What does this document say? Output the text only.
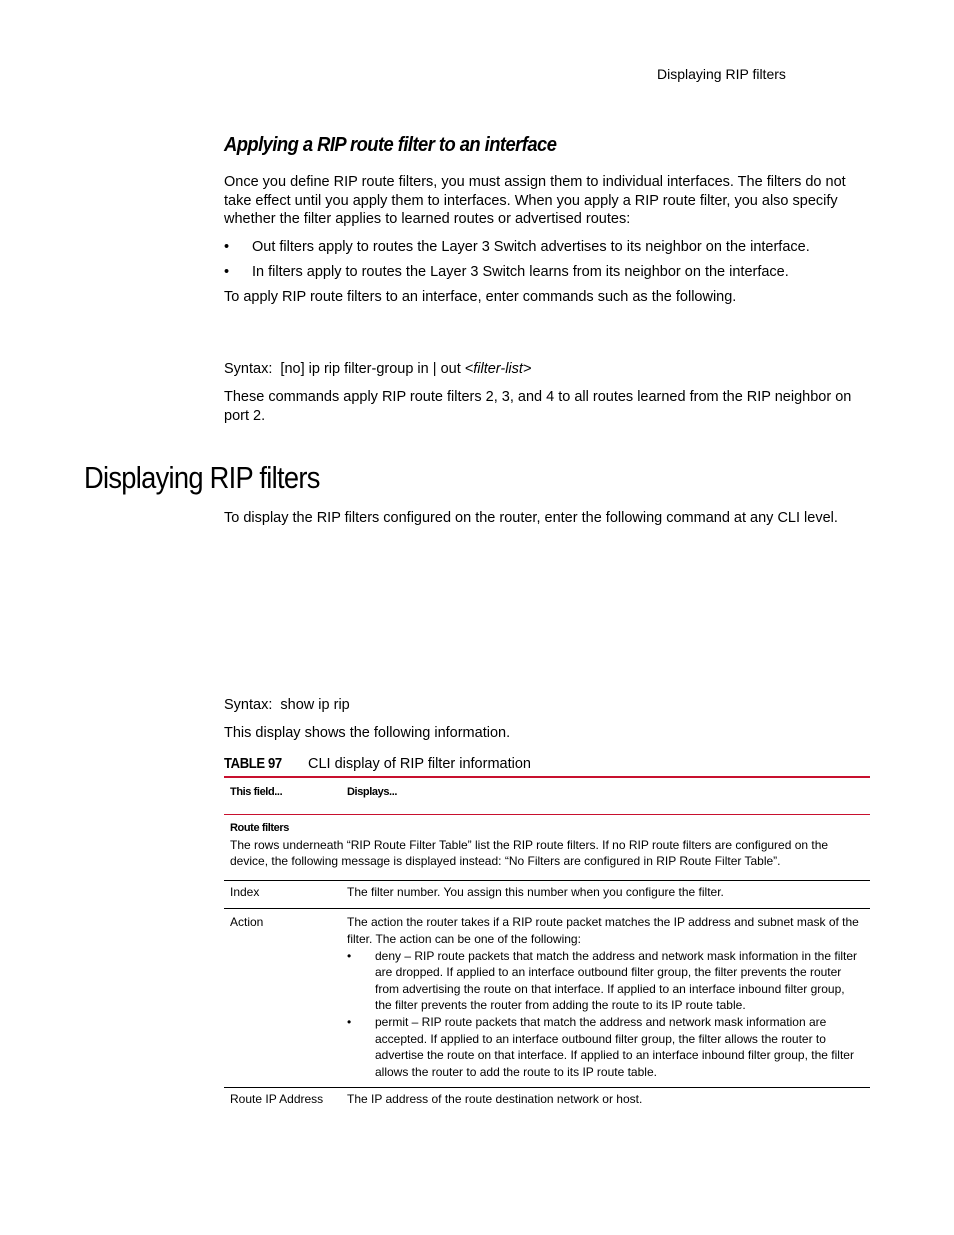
Displaying RIP filters
Applying a RIP route filter to an interface
Once you define RIP route filters, you must assign them to individual interfaces. The filters do not take effect until you apply them to interfaces. When you apply a RIP route filter, you also specify whether the filter applies to learned routes or advertised routes:
• Out filters apply to routes the Layer 3 Switch advertises to its neighbor on the interface.
• In filters apply to routes the Layer 3 Switch learns from its neighbor on the interface.
To apply RIP route filters to an interface, enter commands such as the following.
Syntax: [no] ip rip filter-group in | out <filter-list>
These commands apply RIP route filters 2, 3, and 4 to all routes learned from the RIP neighbor on port 2.
Displaying RIP filters
To display the RIP filters configured on the router, enter the following command at any CLI level.
Syntax: show ip rip
This display shows the following information.
TABLE 97 CLI display of RIP filter information
This field...	Displays...

Route filters
The rows underneath “RIP Route Filter Table” list the RIP route filters. If no RIP route filters are configured on the device, the following message is displayed instead: “No Filters are configured in RIP Route Filter Table”.	

Index	The filter number. You assign this number when you configure the filter.
Action	The action the router takes if a RIP route packet matches the IP address and subnet mask of the filter. The action can be one of the following:
• deny – RIP route packets that match the address and network mask information in the filter are dropped. If applied to an interface outbound filter group, the filter prevents the router from advertising the route on that interface. If applied to an interface inbound filter group, the filter prevents the router from adding the route to its IP route table.
• permit – RIP route packets that match the address and network mask information are accepted. If applied to an interface outbound filter group, the filter allows the router to advertise the route on that interface. If applied to an interface inbound filter group, the filter allows the router to add the route to its IP route table.

Route IP Address	The IP address of the route destination network or host.
